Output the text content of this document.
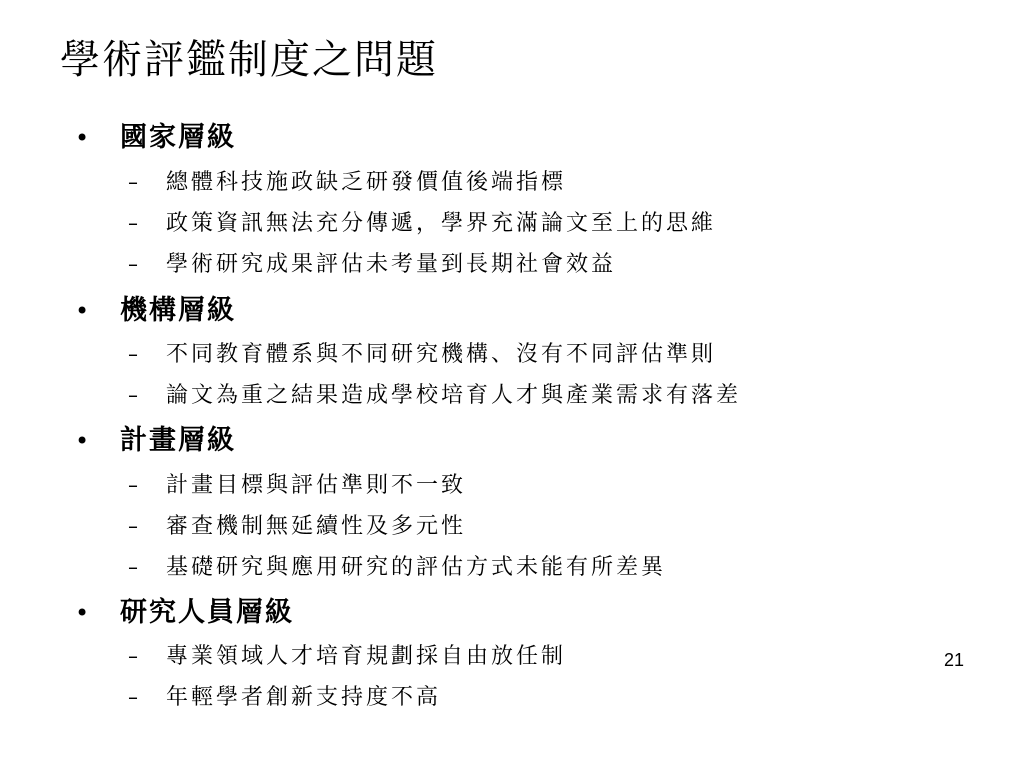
學術評鑑制度之問題
• 國家層級
– 總體科技施政缺乏研發價值後端指標
– 政策資訊無法充分傳遞，學界充滿論文至上的思維
– 學術研究成果評估未考量到長期社會效益
• 機構層級
– 不同教育體系與不同研究機構、沒有不同評估準則
– 論文為重之結果造成學校培育人才與產業需求有落差
• 計畫層級
– 計畫目標與評估準則不一致
– 審查機制無延續性及多元性
– 基礎研究與應用研究的評估方式未能有所差異
• 研究人員層級
– 專業領域人才培育規劃採自由放任制
– 年輕學者創新支持度不高
21
